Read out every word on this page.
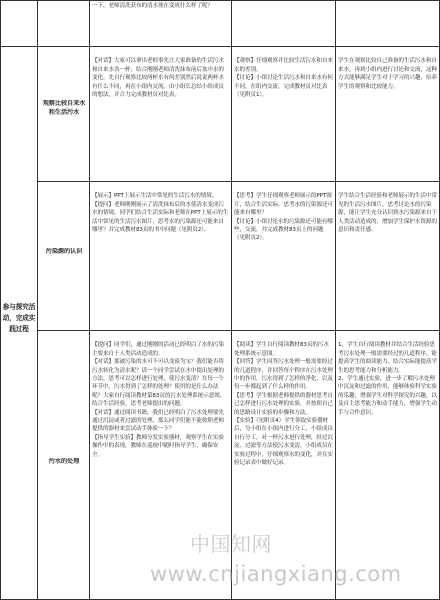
一下，老师清洗获布的清水现在变成什么样了呢？

参与探究活动，完成实践过程

观察比较自来水和生活污水

【对话】大家可以拿出老师事先让大家准备的生活污水和自来水各一杯，结合刚刚老师清洗抹布前后盆中水的变化，先自行观察比较两杯水有何差别然后说说两杯水有什么不同，再在小组内交流，由小组长总结小组成员的想法，并合力完成教材页对比表。

【观察】仔细观察并比较生活污水和自来水的差别。
【讨论】小组讨论生活污水和自来水有何不同，在组内交流，完成教材页对比表（见附页1）。

学生在观察比较自己准备的生活污水和自来水，再到小组内进行讨论和交流，这种方式能够满足学生对于学习的兴趣，培养学生的观察和比较能力。

污染源的认识

【展示】PPT上展示生活中常见的生活污水的情境。
【提问】老师刚刚展示了清洗抹布后的水使清水变成污水的情境，同学们结合生活实际和老师在PPT上展示的生活中常见的生活污水图片，思考水的污染源还可能来自哪里？并完成教材83页的书中问题（见附页2）。

【思考】学生仔细观察老师展示的PPT图片，结合生活实际，思考水的污染源还可能来自哪里？
【讨论】小组讨论水的污染源还可能有哪些，交流，并完成教材83页上的问题（见附页2）。

学生结合生活经验和老师展示的生活中常见的生活污水图片，思考讨论水的污染源，能让学生充分认识到水污染源来自于人类活动造成的，增加学生保护水资源的意识和责任感。

污水的处理

【提问】同学们，通过刚刚的活动已经明白了水的污染主要来自于人类活动造成的。
【对话】那被污染的水可不可以变废为宝？我们能否将污水转化为清水呢？请一个同学尝试在水中提出处理的方法，思考可以怎样进行处理，使污水变清？在每一个环节中，污水得到了怎样的处理？使用的是什么办法呢？大家自行阅读教材第83页的污水处理系统示意图，结合生活经验，思考老师提出的问题。
【对话】通过阅读书籍，我们已经明白了污水处理要先通过沉淀或者过滤的处理，那么同学们能不能按照老师提供的器材来尝试动手体验一下？
【指导学生实验】教师分发实验器材，观察学生在实验操作中的表现，教师在巡视中随时指导学生，确保安全。

【阅读】学生自行阅读教材83页的污水处理系统示意图。
【回答】学生回答污水处理一般需要经过的几道程序，并回答每个程序在污水处理中的作用，污水得到了怎样的净化，以及每一步都起到了什么样的作用。
【思考】学生根据老师提供的器材思考自己怎样进行污水处理的实验，并按照自己的思路设计实验的步骤和方法。
【实验】（见附页4）学生领取实验器材后，分小组在小组内进行分工，小组成员自行分工，对一杯污水进行处理，经过沉淀、过滤等方法使污水变清。小组成员在实验过程中，仔细观察水的变化，并在实验记录表中做好记录。

1、学生自行阅读教材并结合生活经验思考污水处理一般需要经过的几道程序，能提高学生的阅读能力，结合实际能提高学生的思考能力和分析能力。
2、学生通过实验，进一步了解污水处理中沉淀和过滤的作用，能够体验科学实验的乐趣，增强学生对科学探究的兴趣，以及自主思考能力和动手能力，增强学生动手与合作意识。

中国知网
www.cnjiangxiang.com
